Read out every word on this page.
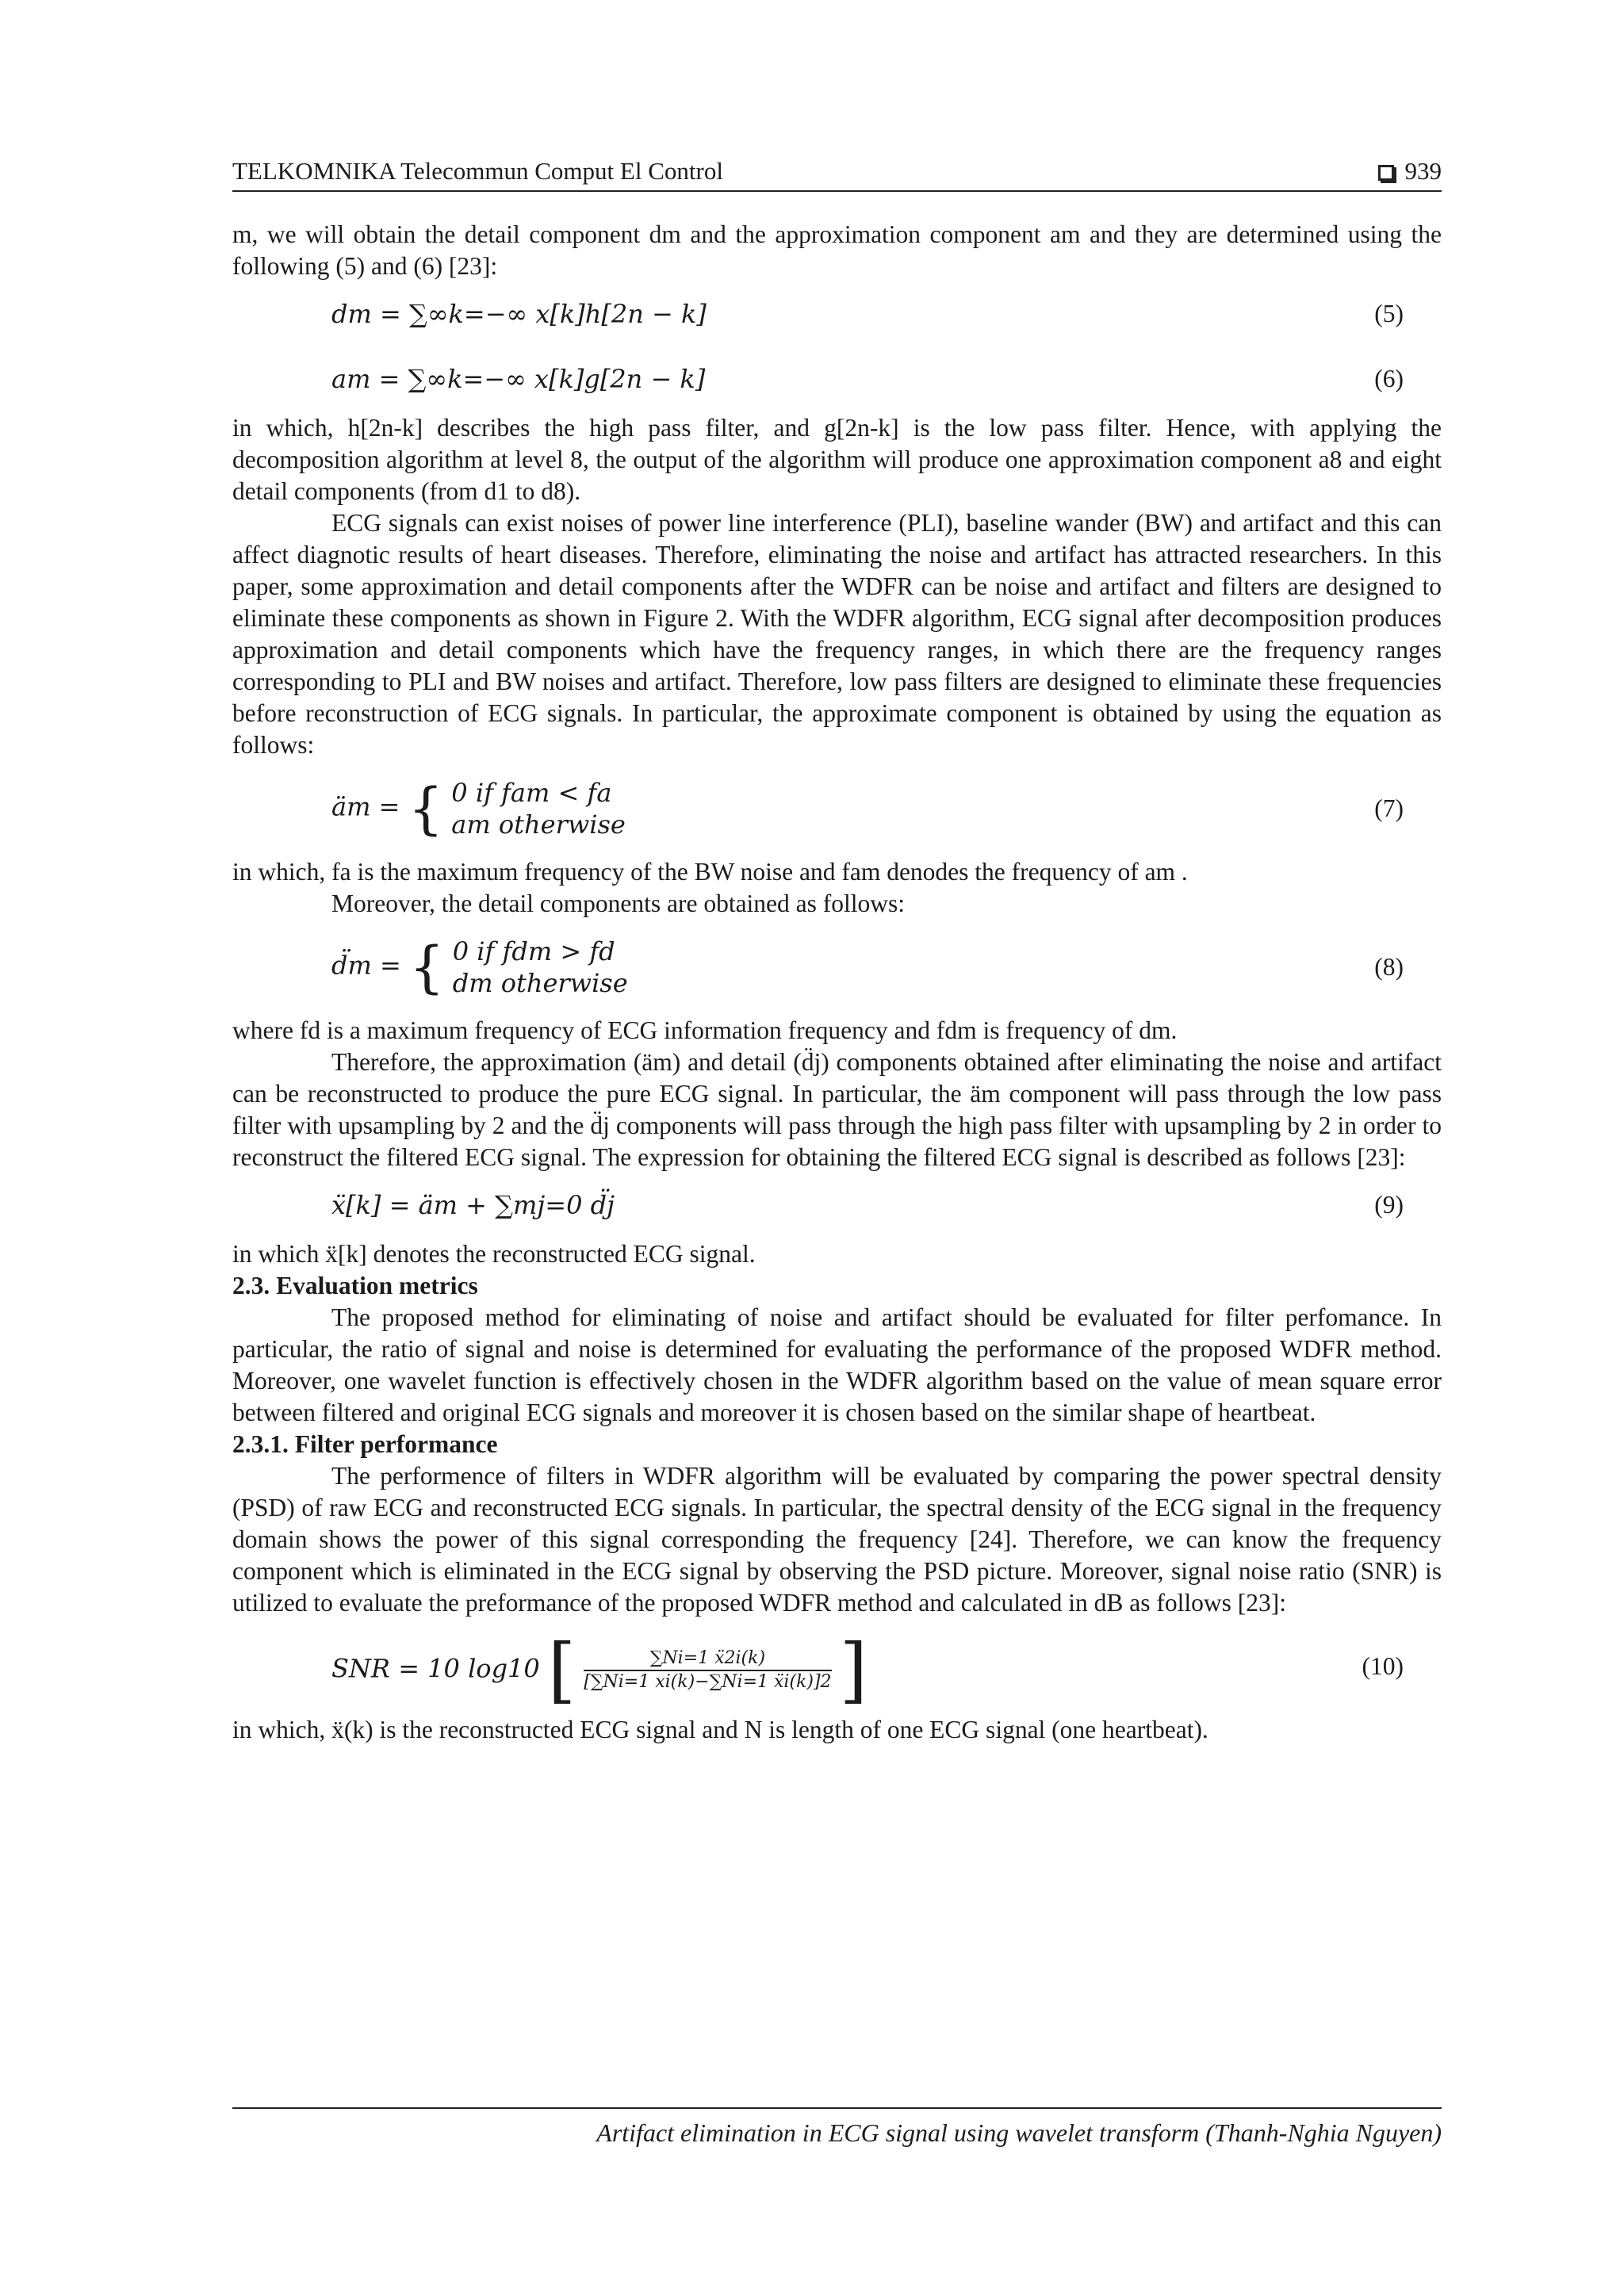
TELKOMNIKA Telecommun Comput El Control	939

m, we will obtain the detail component dm and the approximation component am and they are determined using the following (5) and (6) [23]:

dm = ∑∞k=−∞ x[k]h[2n − k]	(5)
am = ∑∞k=−∞ x[k]g[2n − k]	(6)

in which, h[2n-k] describes the high pass filter, and g[2n-k] is the low pass filter. Hence, with applying the decomposition algorithm at level 8, the output of the algorithm will produce one approximation component a8 and eight detail components (from d1 to d8).

ECG signals can exist noises of power line interference (PLI), baseline wander (BW) and artifact and this can affect diagnotic results of heart diseases. Therefore, eliminating the noise and artifact has attracted researchers. In this paper, some approximation and detail components after the WDFR can be noise and artifact and filters are designed to eliminate these components as shown in Figure 2. With the WDFR algorithm, ECG signal after decomposition produces approximation and detail components which have the frequency ranges, in which there are the frequency ranges corresponding to PLI and BW noises and artifact. Therefore, low pass filters are designed to eliminate these frequencies before reconstruction of ECG signals. In particular, the approximate component is obtained by using the equation as follows:

äm = { 0 if fam < fa
am otherwise
(7)

in which, fa is the maximum frequency of the BW noise and fam denodes the frequency of am .

Moreover, the detail components are obtained as follows:

d̈m = { 0 if fdm > fd
dm otherwise
(8)

where fd is a maximum frequency of ECG information frequency and fdm is frequency of dm.

Therefore, the approximation (äm) and detail (d̈j) components obtained after eliminating the noise and artifact can be reconstructed to produce the pure ECG signal. In particular, the äm component will pass through the low pass filter with upsampling by 2 and the d̈j components will pass through the high pass filter with upsampling by 2 in order to reconstruct the filtered ECG signal. The expression for obtaining the filtered ECG signal is described as follows [23]:

ẍ[k] = äm + ∑mj=0 d̈j	(9)

in which ẍ[k] denotes the reconstructed ECG signal.

2.3. Evaluation metrics

The proposed method for eliminating of noise and artifact should be evaluated for filter perfomance. In particular, the ratio of signal and noise is determined for evaluating the performance of the proposed WDFR method. Moreover, one wavelet function is effectively chosen in the WDFR algorithm based on the value of mean square error between filtered and original ECG signals and moreover it is chosen based on the similar shape of heartbeat.

2.3.1. Filter performance

The performence of filters in WDFR algorithm will be evaluated by comparing the power spectral density (PSD) of raw ECG and reconstructed ECG signals. In particular, the spectral density of the ECG signal in the frequency domain shows the power of this signal corresponding the frequency [24]. Therefore, we can know the frequency component which is eliminated in the ECG signal by observing the PSD picture. Moreover, signal noise ratio (SNR) is utilized to evaluate the preformance of the proposed WDFR method and calculated in dB as follows [23]:

SNR = 10 log10 [ $\frac{\text{∑Ni=1 ẍ2i(k)}}{\text{[∑Ni=1 xi(k)−∑Ni=1 ẍi(k)]2}}$ ]	(10)

in which, ẍ(k) is the reconstructed ECG signal and N is length of one ECG signal (one heartbeat).

Artifact elimination in ECG signal using wavelet transform (Thanh-Nghia Nguyen)
